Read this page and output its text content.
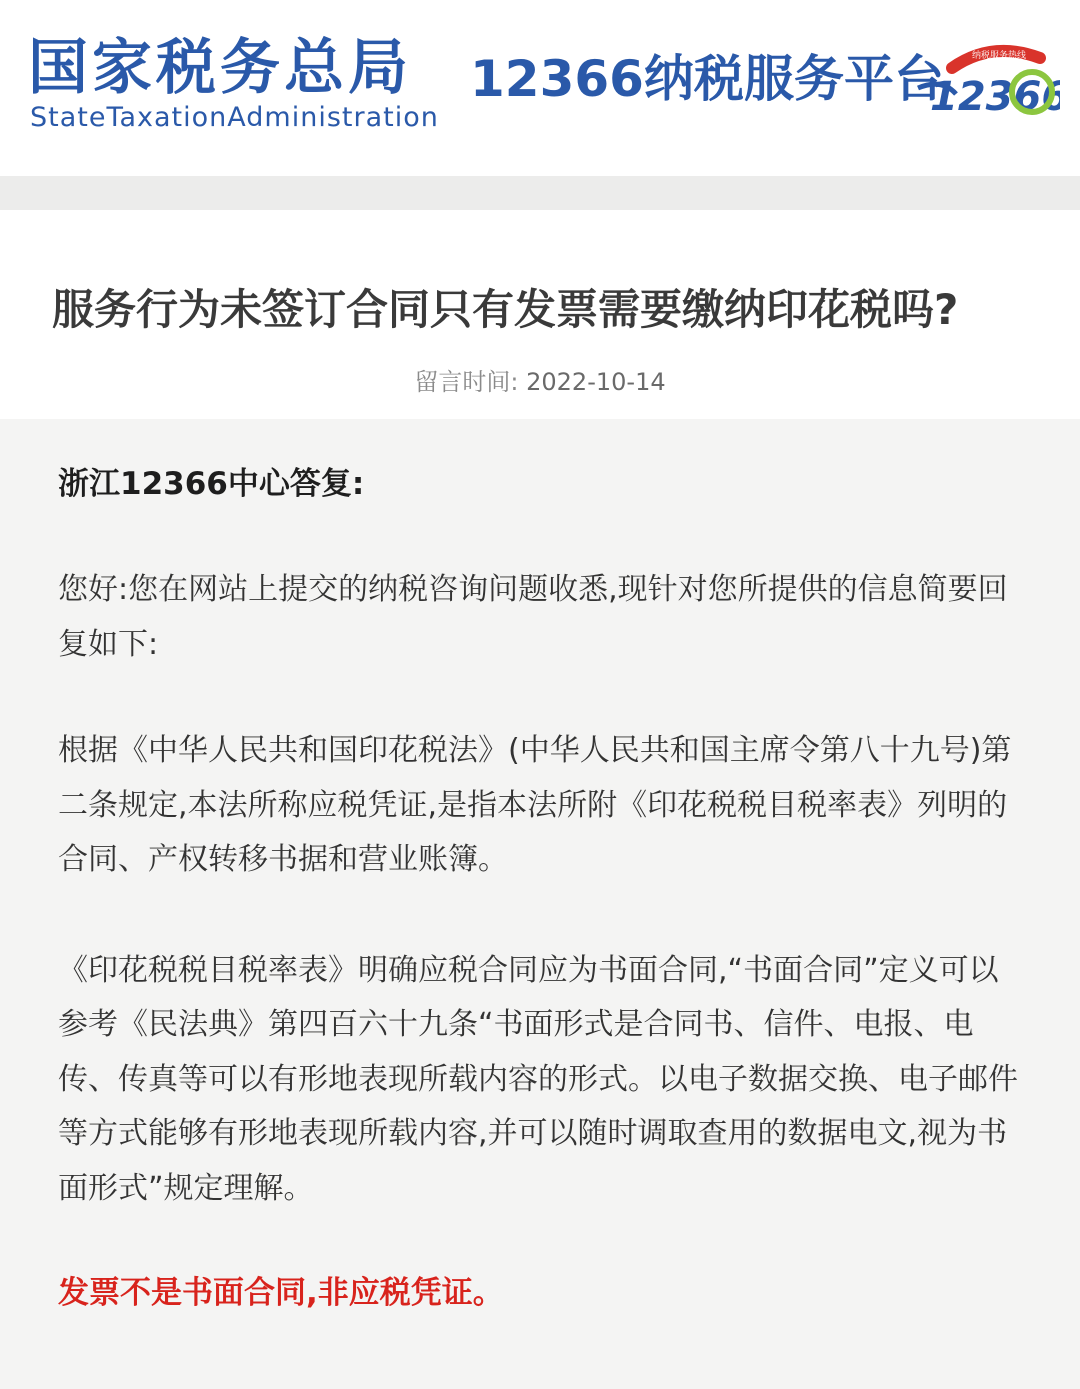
国家税务总局
StateTaxationAdministration
12366纳税服务平台	纳税服务热线
12366
服务行为未签订合同只有发票需要缴纳印花税吗?
留言时间: 2022-10-14
浙江12366中心答复:

您好:您在网站上提交的纳税咨询问题收悉,现针对您所提供的信息简要回复如下:

根据《中华人民共和国印花税法》(中华人民共和国主席令第八十九号)第二条规定,本法所称应税凭证,是指本法所附《印花税税目税率表》列明的合同、产权转移书据和营业账簿。

《印花税税目税率表》明确应税合同应为书面合同,“书面合同”定义可以参考《民法典》第四百六十九条“书面形式是合同书、信件、电报、电传、传真等可以有形地表现所载内容的形式。以电子数据交换、电子邮件等方式能够有形地表现所载内容,并可以随时调取查用的数据电文,视为书面形式”规定理解。

发票不是书面合同,非应税凭证。
